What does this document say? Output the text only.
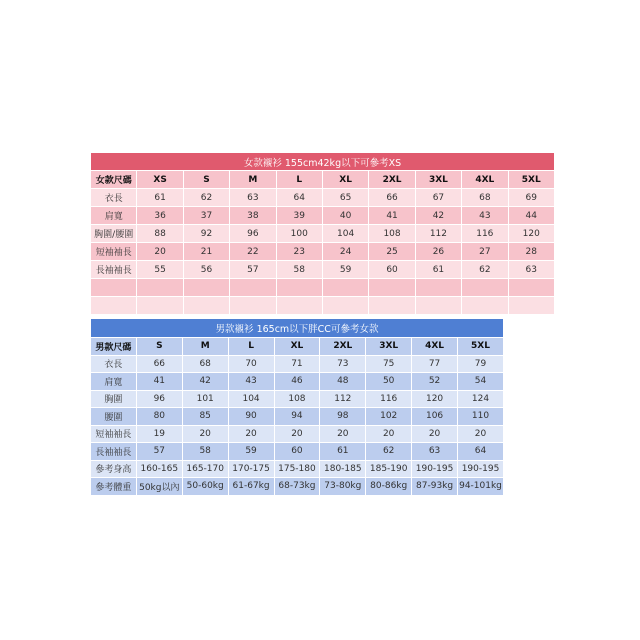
女款襯衫 155cm42kg以下可參考XS									
女款尺碼	XS	S	M	L	XL	2XL	3XL	4XL	5XL
衣長	61	62	63	64	65	66	67	68	69
肩寬	36	37	38	39	40	41	42	43	44
胸圍/腰圍	88	92	96	100	104	108	112	116	120
短袖袖長	20	21	22	23	24	25	26	27	28
長袖袖長	55	56	57	58	59	60	61	62	63

男款襯衫 165cm以下胖CC可參考女款								
男款尺碼	S	M	L	XL	2XL	3XL	4XL	5XL
衣長	66	68	70	71	73	75	77	79
肩寬	41	42	43	46	48	50	52	54
胸圍	96	101	104	108	112	116	120	124
腰圍	80	85	90	94	98	102	106	110
短袖袖長	19	20	20	20	20	20	20	20
長袖袖長	57	58	59	60	61	62	63	64
參考身高	160-165	165-170	170-175	175-180	180-185	185-190	190-195	190-195
參考體重	50kg以內	50-60kg	61-67kg	68-73kg	73-80kg	80-86kg	87-93kg	94-101kg
